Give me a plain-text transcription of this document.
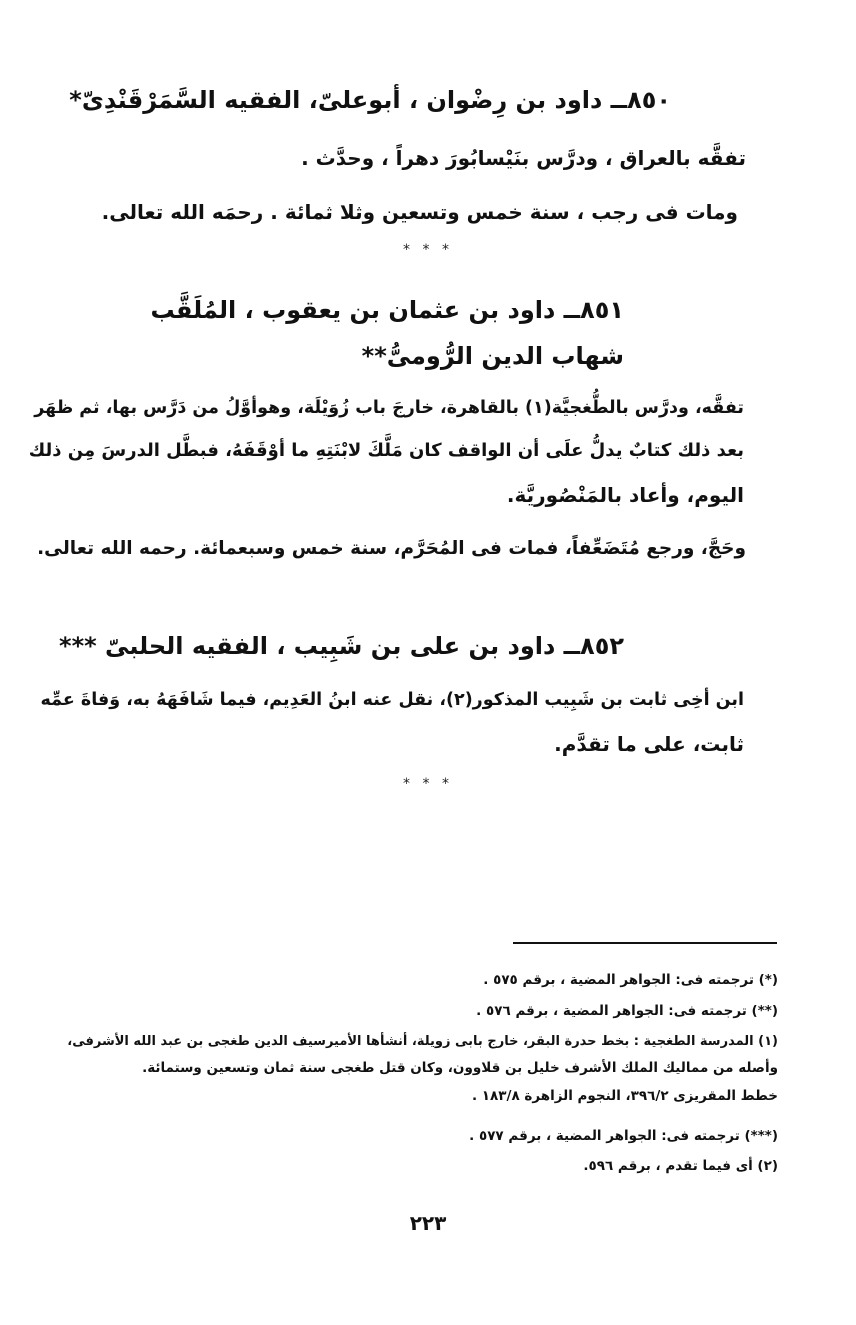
٨٥٠ــ داود بن رِضْوان ، أبوعلىّ، الفقيه السَّمَرْقَنْدِىّ*

تفقَّه بالعراق ، ودرَّس بنَيْسابُورَ دهراً ، وحدَّث .

ومات فى رجب ، سنة خمس وتسعين وثلا ثمائة . رحمَه الله تعالى.

* * *

٨٥١ــ داود بن عثمان بن يعقوب ، المُلَقَّب

شهاب الدين الرُّومىُّ**

تفقَّه، ودرَّس بالطُّغجيَّة(١) بالقاهرة، خارجَ باب زُوَيْلَة، وهوأوَّلُ من دَرَّس بها، ثم ظهَر

بعد ذلك كتابٌ يدلُّ علَى أن الواقف كان مَلَّكَ لابْنَتِهِ ما أوْقَفَهُ، فبطَّل الدرسَ مِن ذلك

اليوم، وأعاد بالمَنْصُوريَّة.

وحَجَّ، ورجع مُتَضَعِّفاً، فمات فى المُحَرَّم، سنة خمس وسبعمائة. رحمه الله تعالى.

٨٥٢ــ داود بن على بن شَبِيب ، الفقيه الحلبىّ ***

ابن أخِى ثابت بن شَبِيب المذكور(٢)، نقل عنه ابنُ العَدِيم، فيما شَافَهَهُ به، وَفاةَ عمِّه

ثابت، على ما تقدَّم.

* * *

(*) ترجمته فى: الجواهر المضية ، برقم ٥٧٥ .

(**) ترجمته فى: الجواهر المضية ، برقم ٥٧٦ .

(١) المدرسة الطغجية : بخط حدرة البقر، خارج بابى زويلة، أنشأها الأميرسيف الدين طغجى بن عبد الله الأشرفى،

وأصله من مماليك الملك الأشرف خليل بن قلاوون، وكان قتل طغجى سنة ثمان وتسعين وستمائة.

خطط المقريزى ٣٩٦/٢، النجوم الزاهرة ١٨٣/٨ .

(***) ترجمته فى: الجواهر المضية ، برقم ٥٧٧ .

(٢) أى فيما تقدم ، برقم ٥٩٦.

٢٢٣
